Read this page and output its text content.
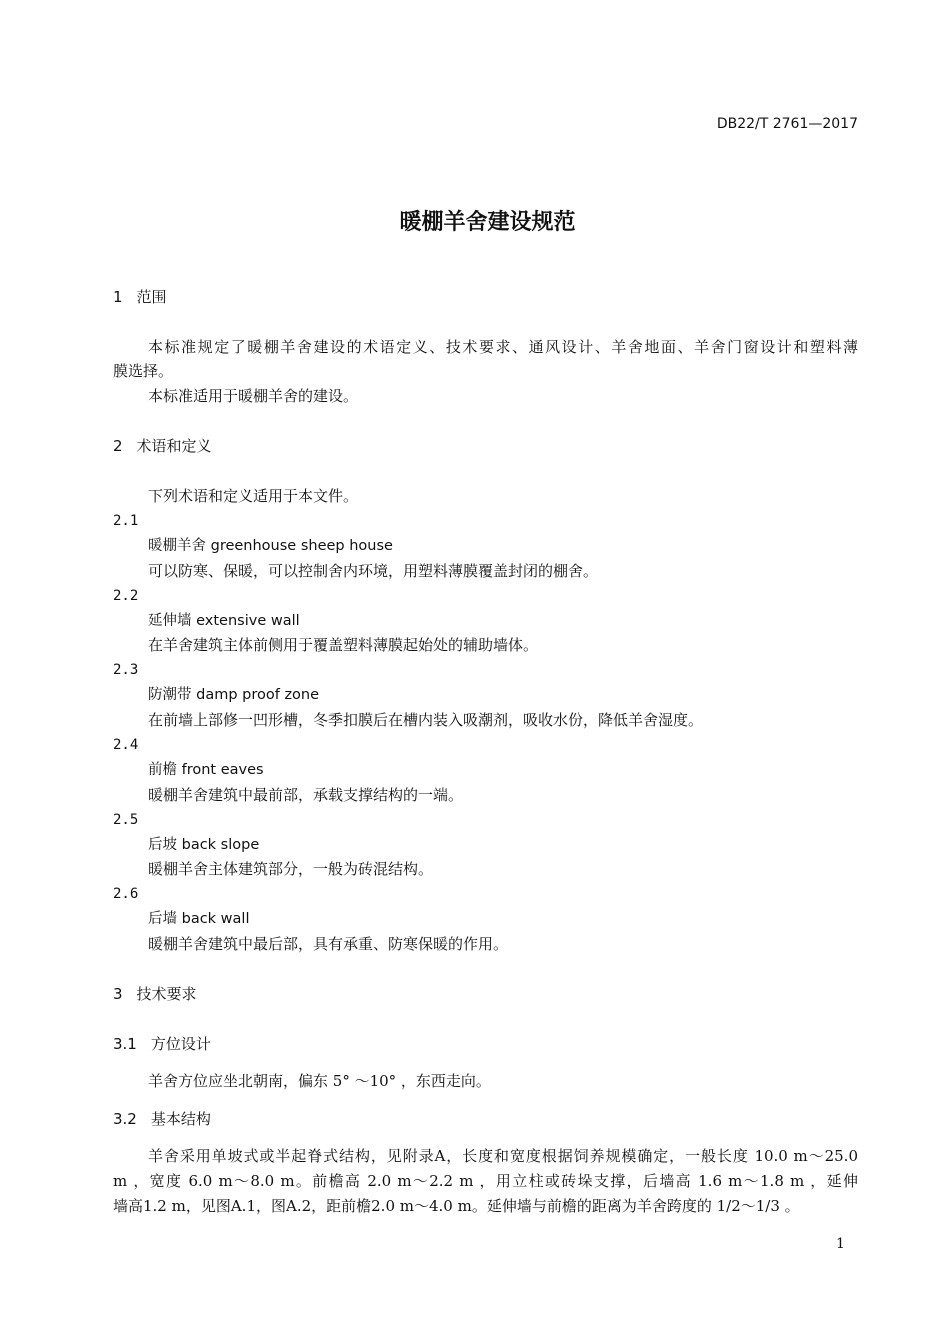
DB22/T 2761—2017
暖棚羊舍建设规范
1 范围
本标准规定了暖棚羊舍建设的术语定义、技术要求、通风设计、羊舍地面、羊舍门窗设计和塑料薄
膜选择。
本标准适用于暖棚羊舍的建设。
2 术语和定义
下列术语和定义适用于本文件。
2.1
暖棚羊舍 greenhouse sheep house
可以防寒、保暖，可以控制舍内环境，用塑料薄膜覆盖封闭的棚舍。
2.2
延伸墙 extensive wall
在羊舍建筑主体前侧用于覆盖塑料薄膜起始处的辅助墙体。
2.3
防潮带 damp proof zone
在前墙上部修一凹形槽，冬季扣膜后在槽内装入吸潮剂，吸收水份，降低羊舍湿度。
2.4
前檐 front eaves
暖棚羊舍建筑中最前部，承载支撑结构的一端。
2.5
后坡 back slope
暖棚羊舍主体建筑部分，一般为砖混结构。
2.6
后墙 back wall
暖棚羊舍建筑中最后部，具有承重、防寒保暖的作用。
3 技术要求
3.1 方位设计
羊舍方位应坐北朝南，偏东 5° ～10° ，东西走向。
3.2 基本结构
羊舍采用单坡式或半起脊式结构，见附录A，长度和宽度根据饲养规模确定，一般长度 10.0 m～25.0
m ，宽度 6.0 m～8.0 m。前檐高 2.0 m～2.2 m ，用立柱或砖垛支撑，后墙高 1.6 m～1.8 m ，延伸
墙高1.2 m，见图A.1，图A.2，距前檐2.0 m～4.0 m。延伸墙与前檐的距离为羊舍跨度的 1/2～1/3 。
1
